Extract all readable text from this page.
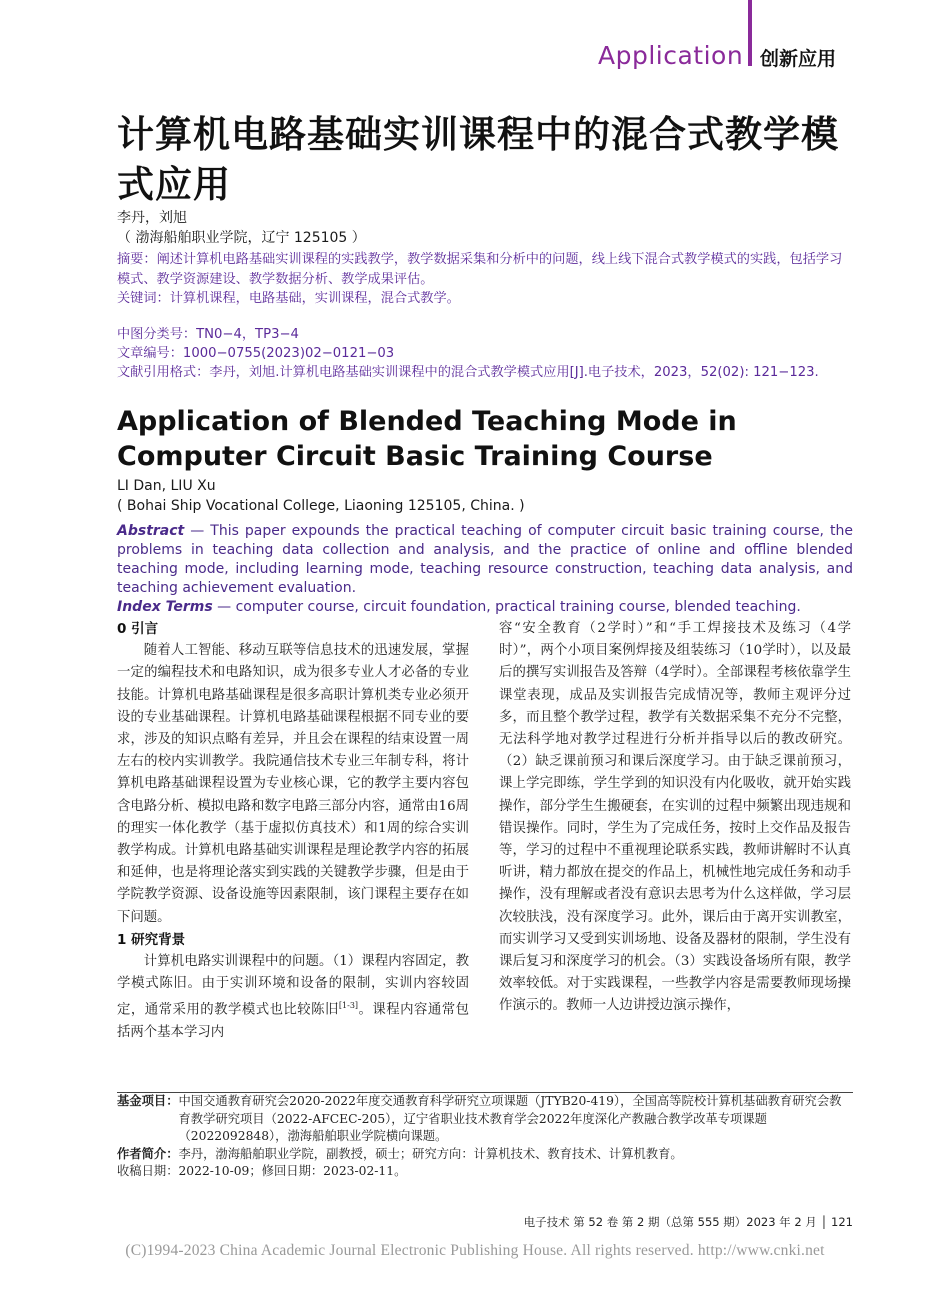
Application 创新应用
计算机电路基础实训课程中的混合式教学模式应用
李丹，刘旭
（ 渤海船舶职业学院，辽宁 125105 ）
摘要：阐述计算机电路基础实训课程的实践教学，教学数据采集和分析中的问题，线上线下混合式教学模式的实践，包括学习模式、教学资源建设、教学数据分析、教学成果评估。
关键词：计算机课程，电路基础，实训课程，混合式教学。
中图分类号：TN0−4，TP3−4
文章编号：1000−0755(2023)02−0121−03
文献引用格式：李丹，刘旭.计算机电路基础实训课程中的混合式教学模式应用[J].电子技术，2023，52(02): 121−123.
Application of Blended Teaching Mode in Computer Circuit Basic Training Course
LI Dan, LIU Xu
( Bohai Ship Vocational College, Liaoning 125105, China. )
Abstract — This paper expounds the practical teaching of computer circuit basic training course, the problems in teaching data collection and analysis, and the practice of online and offline blended teaching mode, including learning mode, teaching resource construction, teaching data analysis, and teaching achievement evaluation.
Index Terms — computer course, circuit foundation, practical training course, blended teaching.
0 引言
随着人工智能、移动互联等信息技术的迅速发展，掌握一定的编程技术和电路知识，成为很多专业人才必备的专业技能。计算机电路基础课程是很多高职计算机类专业必须开设的专业基础课程。计算机电路基础课程根据不同专业的要求，涉及的知识点略有差异，并且会在课程的结束设置一周左右的校内实训教学。我院通信技术专业三年制专科，将计算机电路基础课程设置为专业核心课，它的教学主要内容包含电路分析、模拟电路和数字电路三部分内容，通常由16周的理实一体化教学（基于虚拟仿真技术）和1周的综合实训教学构成。计算机电路基础实训课程是理论教学内容的拓展和延伸，也是将理论落实到实践的关键教学步骤，但是由于学院教学资源、设备设施等因素限制，该门课程主要存在如下问题。
1 研究背景
计算机电路实训课程中的问题。（1）课程内容固定，教学模式陈旧。由于实训环境和设备的限制，实训内容较固定，通常采用的教学模式也比较陈旧[1-3]。课程内容通常包括两个基本学习内
容“安全教育（2学时）”和“手工焊接技术及练习（4学时）”，两个小项目案例焊接及组装练习（10学时），以及最后的撰写实训报告及答辩（4学时）。全部课程考核依靠学生课堂表现，成品及实训报告完成情况等，教师主观评分过多，而且整个教学过程，教学有关数据采集不充分不完整，无法科学地对教学过程进行分析并指导以后的教改研究。（2）缺乏课前预习和课后深度学习。由于缺乏课前预习，课上学完即练，学生学到的知识没有内化吸收，就开始实践操作，部分学生生搬硬套，在实训的过程中频繁出现违规和错误操作。同时，学生为了完成任务，按时上交作品及报告等，学习的过程中不重视理论联系实践，教师讲解时不认真听讲，精力都放在提交的作品上，机械性地完成任务和动手操作，没有理解或者没有意识去思考为什么这样做，学习层次较肤浅，没有深度学习。此外，课后由于离开实训教室，而实训学习又受到实训场地、设备及器材的限制，学生没有课后复习和深度学习的机会。（3）实践设备场所有限，教学效率较低。对于实践课程，一些教学内容是需要教师现场操作演示的。教师一人边讲授边演示操作，
基金项目： 中国交通教育研究会2020-2022年度交通教育科学研究立项课题（JTYB20-419），全国高等院校计算机基础教育研究会教育教学研究项目（2022-AFCEC-205），辽宁省职业技术教育学会2022年度深化产教融合教学改革专项课题（2022092848），渤海船舶职业学院横向课题。
作者简介： 李丹，渤海船舶职业学院，副教授，硕士；研究方向：计算机技术、教育技术、计算机教育。
收稿日期：2022-10-09；修回日期：2023-02-11。
电子技术 第 52 卷 第 2 期（总第 555 期）2023 年 2 月 │ 121
(C)1994-2023 China Academic Journal Electronic Publishing House. All rights reserved. http://www.cnki.net
